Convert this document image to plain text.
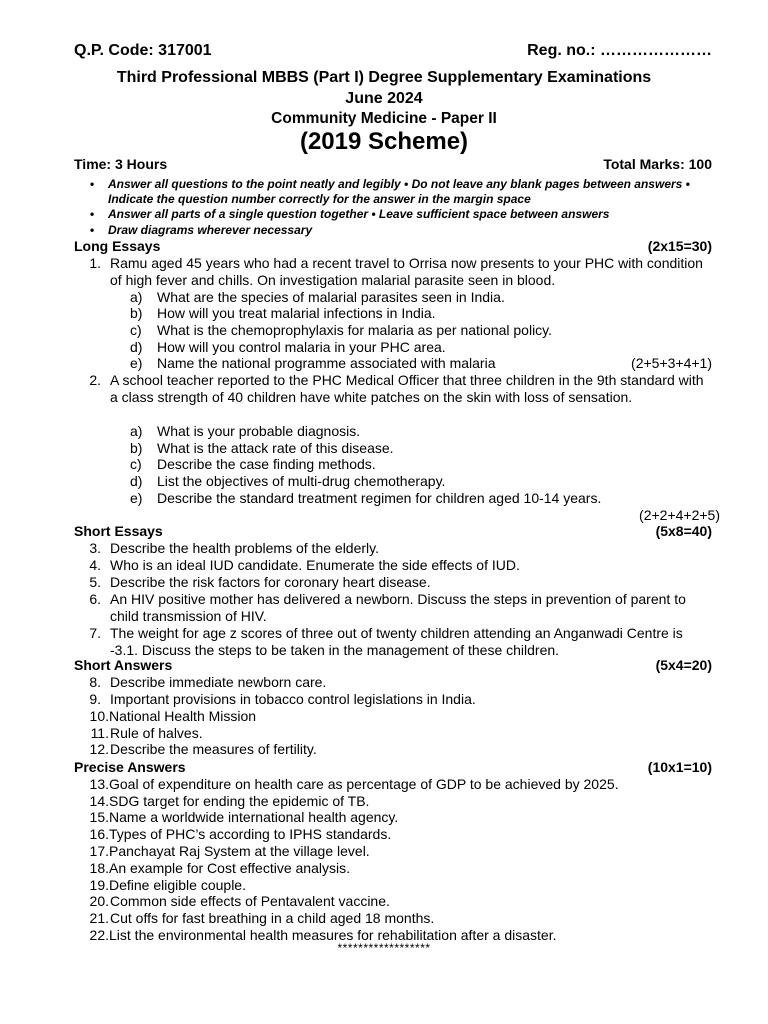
Q.P. Code: 317001	Reg. no.: …………………
Third Professional MBBS (Part I) Degree Supplementary Examinations
June 2024
Community Medicine - Paper II
(2019 Scheme)
Time: 3 Hours	Total Marks: 100
• Answer all questions to the point neatly and legibly • Do not leave any blank pages between answers • Indicate the question number correctly for the answer in the margin space
• Answer all parts of a single question together • Leave sufficient space between answers
• Draw diagrams wherever necessary
Long Essays	(2x15=30)
1. Ramu aged 45 years who had a recent travel to Orrisa now presents to your PHC with condition of high fever and chills. On investigation malarial parasite seen in blood.
a) What are the species of malarial parasites seen in India.
b) How will you treat malarial infections in India.
c) What is the chemoprophylaxis for malaria as per national policy.
d) How will you control malaria in your PHC area.
e) Name the national programme associated with malaria	(2+5+3+4+1)
2. A school teacher reported to the PHC Medical Officer that three children in the 9th standard with a class strength of 40 children have white patches on the skin with loss of sensation.
a) What is your probable diagnosis.
b) What is the attack rate of this disease.
c) Describe the case finding methods.
d) List the objectives of multi-drug chemotherapy.
e) Describe the standard treatment regimen for children aged 10-14 years.
(2+2+4+2+5)
Short Essays	(5x8=40)
3. Describe the health problems of the elderly.
4. Who is an ideal IUD candidate. Enumerate the side effects of IUD.
5. Describe the risk factors for coronary heart disease.
6. An HIV positive mother has delivered a newborn. Discuss the steps in prevention of parent to child transmission of HIV.
7. The weight for age z scores of three out of twenty children attending an Anganwadi Centre is -3.1. Discuss the steps to be taken in the management of these children.
Short Answers	(5x4=20)
8. Describe immediate newborn care.
9. Important provisions in tobacco control legislations in India.
10. National Health Mission
11. Rule of halves.
12. Describe the measures of fertility.
Precise Answers	(10x1=10)
13. Goal of expenditure on health care as percentage of GDP to be achieved by 2025.
14. SDG target for ending the epidemic of TB.
15. Name a worldwide international health agency.
16. Types of PHC’s according to IPHS standards.
17. Panchayat Raj System at the village level.
18. An example for Cost effective analysis.
19. Define eligible couple.
20. Common side effects of Pentavalent vaccine.
21. Cut offs for fast breathing in a child aged 18 months.
22. List the environmental health measures for rehabilitation after a disaster.
******************
